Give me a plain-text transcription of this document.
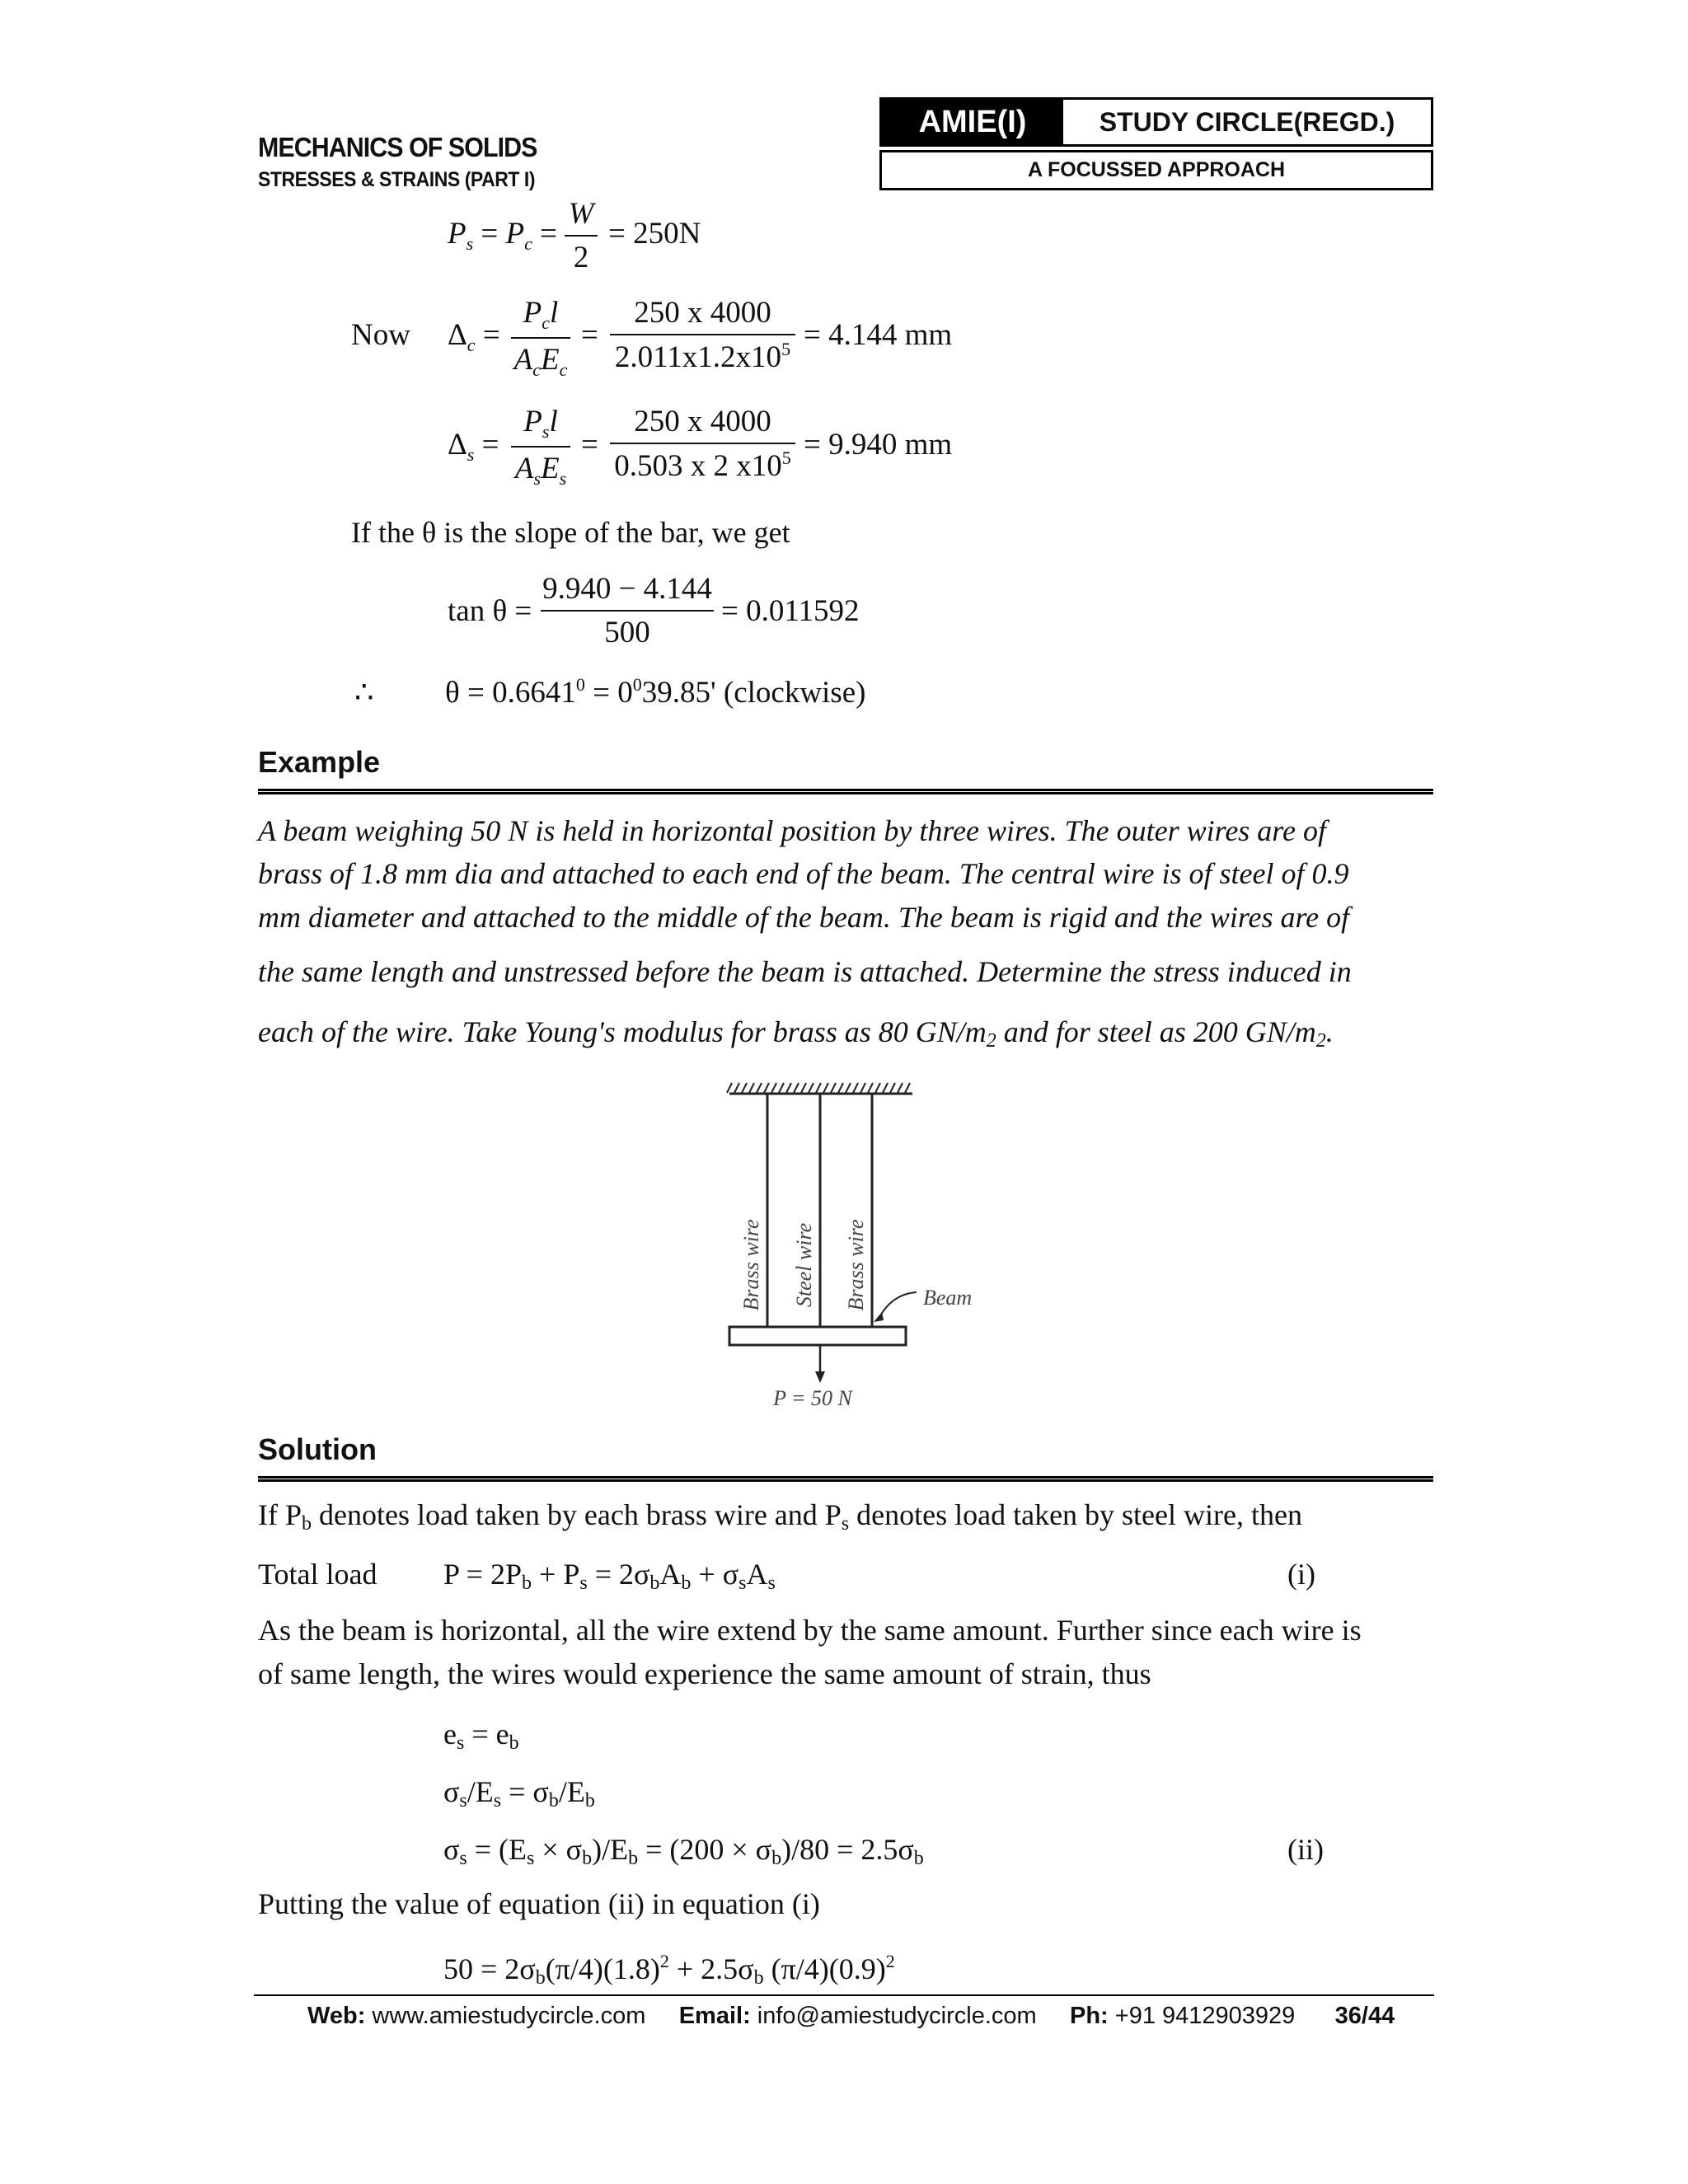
MECHANICS OF SOLIDS
STRESSES & STRAINS (PART I)
AMIE(I)	STUDY CIRCLE(REGD.)
A FOCUSSED APPROACH
$P_s = P_c$ =
W
2
= 250N
Now $\Delta_c$ =
$P_cl$
$A_cE_c$
=
250 x 4000
$2.011x1.2x10^5 = 4.144$ mm
$\Delta_s$ =
$P_sl$
$A_sE_s$
=
250 x 4000
0.503 x 2 $x10^5 = 9.940$ mm
If the θ is the slope of the bar, we get
tan θ =
9.940 − 4.144
500
= 0.011592
∴ $\theta = 0.6641^0 = 0^039.85'$ (clockwise)
Example
A beam weighing 50 N is held in horizontal position by three wires. The outer wires are of
brass of 1.8 mm dia and attached to each end of the beam. The central wire is of steel of 0.9
mm diameter and attached to the middle of the beam. The beam is rigid and the wires are of
the same length and unstressed before the beam is attached. Determine the stress induced in
each of the wire. Take Young's modulus for brass as 80 GN/m2 and for steel as 200 GN/m2.
Brass wire Steel wire Brass wire	Beam
P = 50 N
Solution
If Pb denotes load taken by each brass wire and Ps denotes load taken by steel wire, then
Total load P = 2Pb + Ps = 2σbAb + σsAs	(i)
As the beam is horizontal, all the wire extend by the same amount. Further since each wire is
of same length, the wires would experience the same amount of strain, thus
es = eb
σs/Es = σb/Eb
σs = (Es × σb)/Eb = (200 × σb)/80 = 2.5σb	(ii)
Putting the value of equation (ii) in equation (i)
$50 = 2\sigma b(\pi/4)(1.8)^2 + 2.5\sigma b$ $(\pi/4)(0.9)^2$
Web: www.amiestudycircle.com Email: info@amiestudycircle.com Ph: +91 9412903929 36/44
